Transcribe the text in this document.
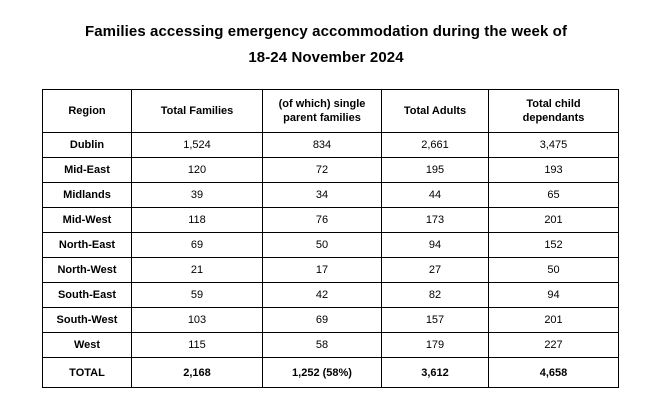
Families accessing emergency accommodation during the week of
18-24 November 2024
Region	Total Families	(of which) single parent families	Total Adults	Total child dependants
Dublin	1,524	834	2,661	3,475
Mid-East	120	72	195	193
Midlands	39	34	44	65
Mid-West	118	76	173	201
North-East	69	50	94	152
North-West	21	17	27	50
South-East	59	42	82	94
South-West	103	69	157	201
West	115	58	179	227
TOTAL	2,168	1,252 (58%)	3,612	4,658
